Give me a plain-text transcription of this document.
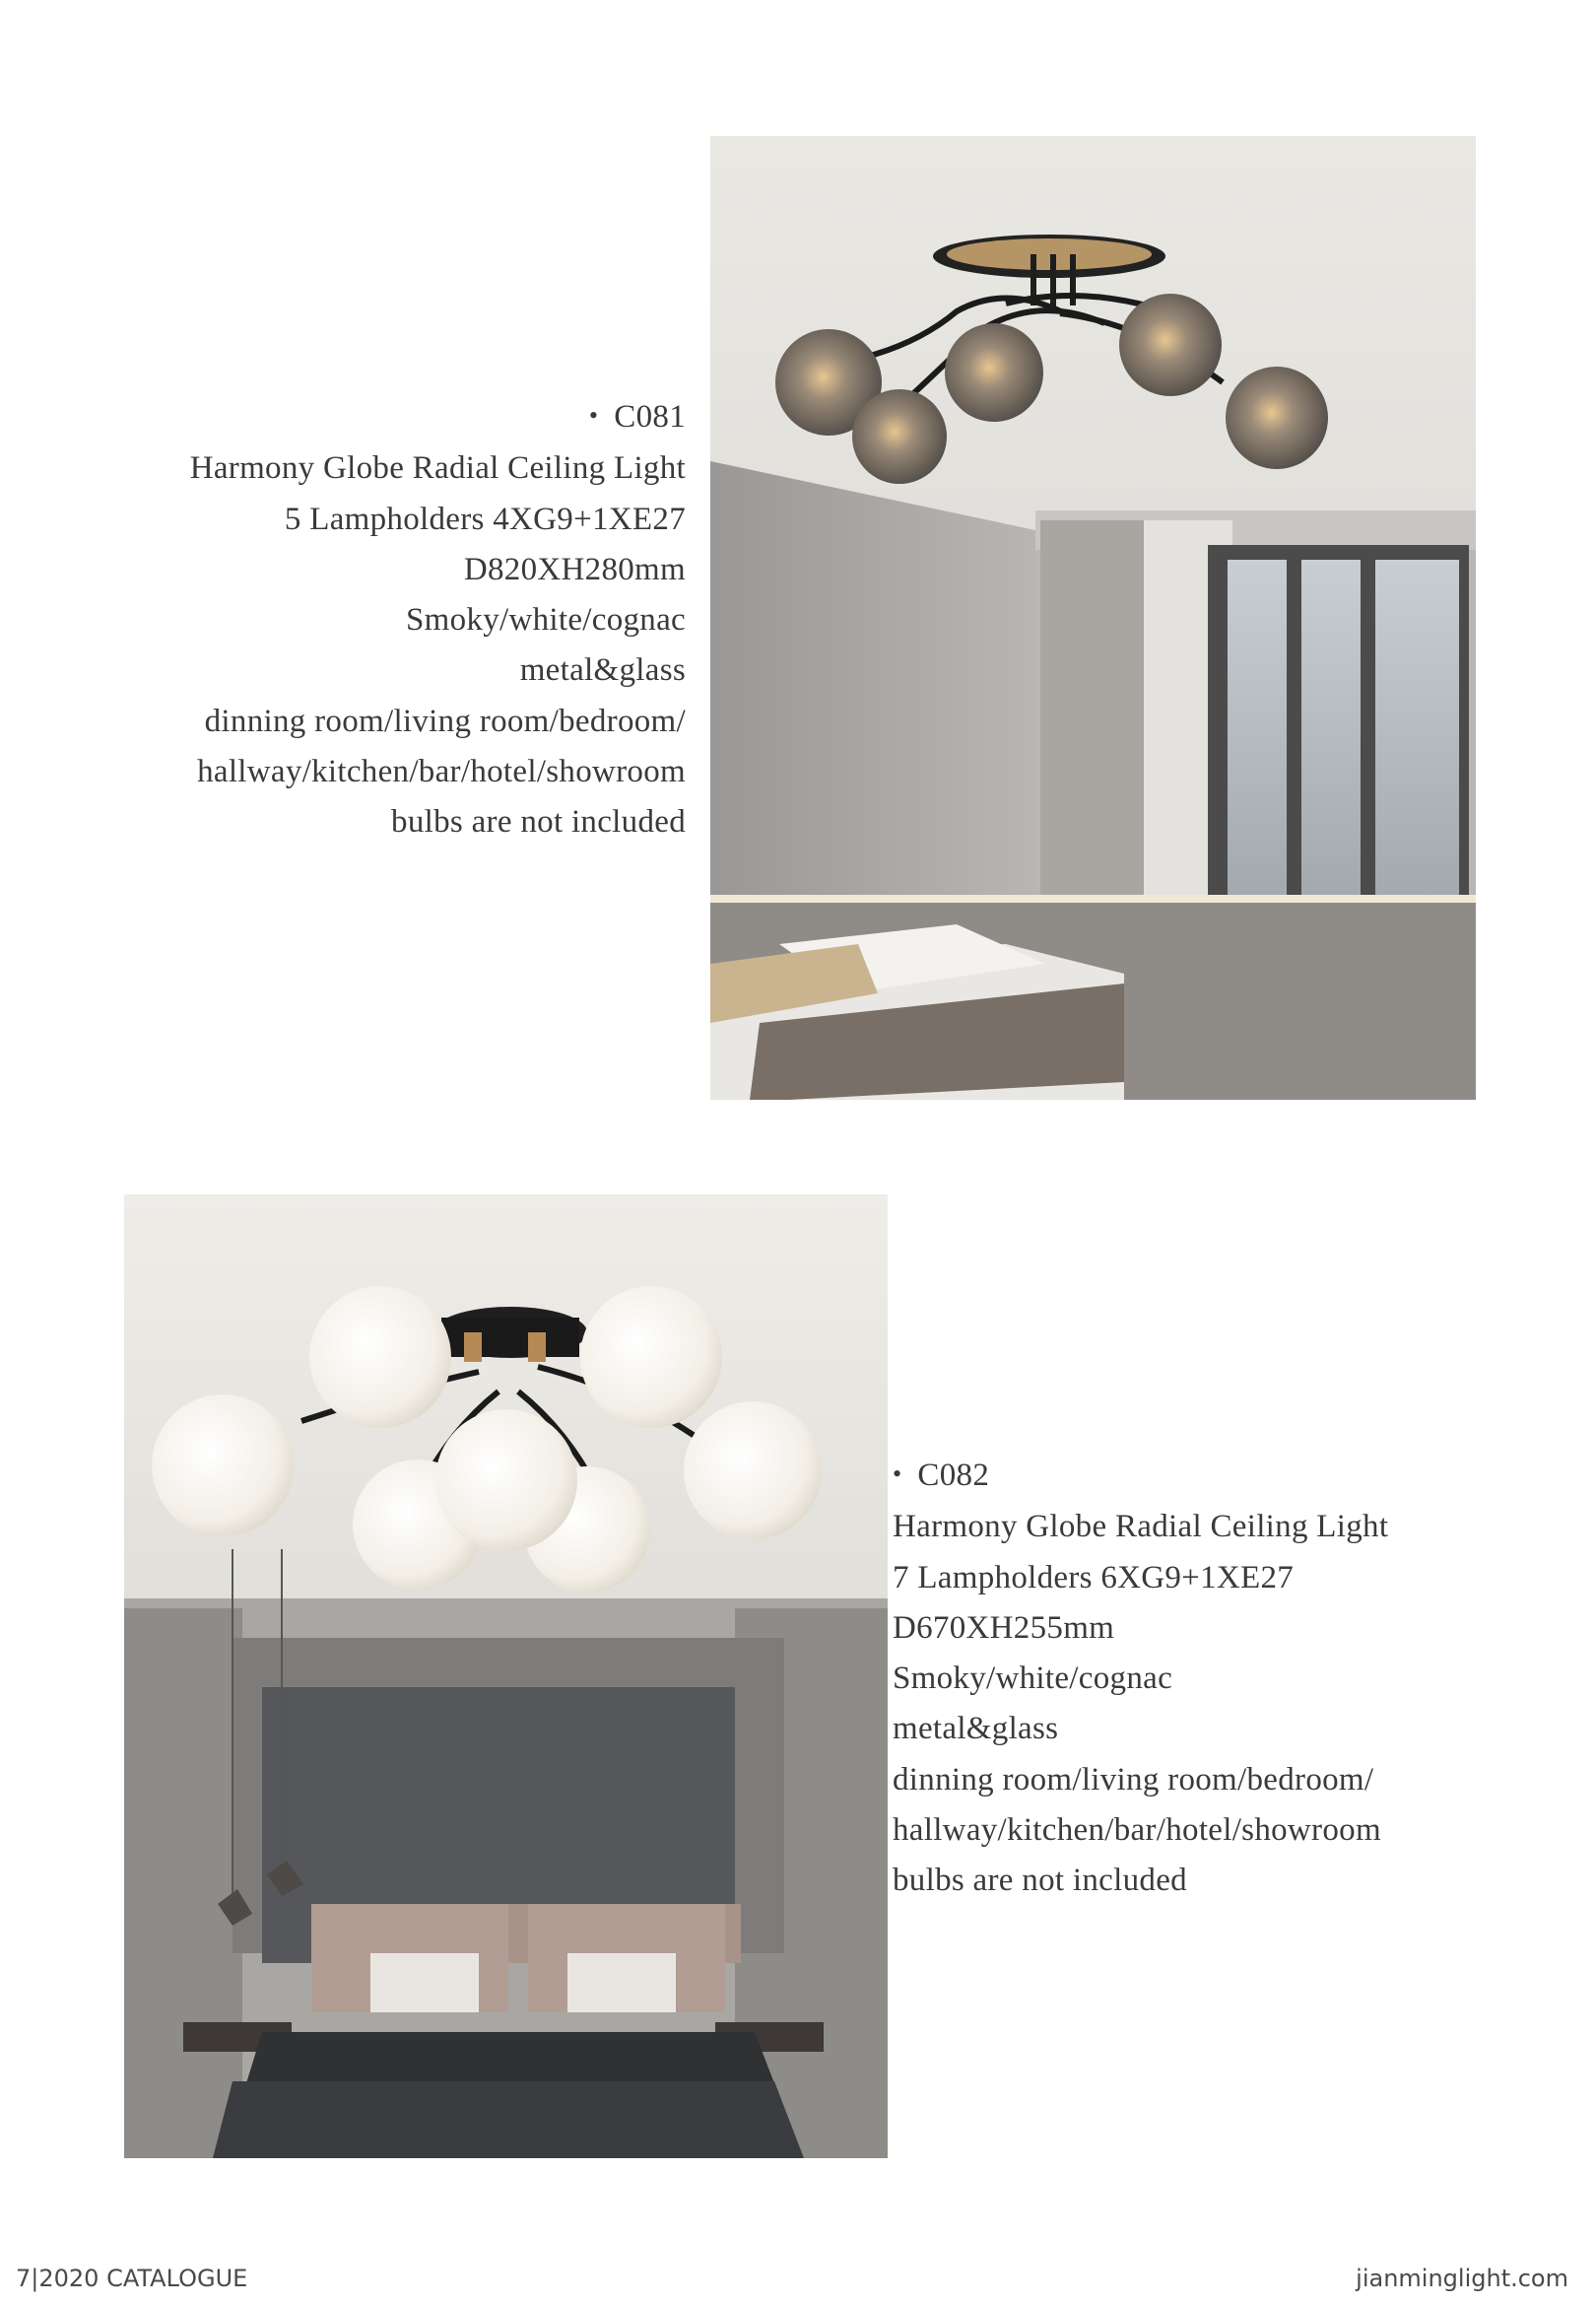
• C081
Harmony Globe Radial Ceiling Light
5 Lampholders 4XG9+1XE27
D820XH280mm
Smoky/white/cognac
metal&glass
dinning room/living room/bedroom/
hallway/kitchen/bar/hotel/showroom
bulbs are not included
• C082
Harmony Globe Radial Ceiling Light
7 Lampholders 6XG9+1XE27
D670XH255mm
Smoky/white/cognac
metal&glass
dinning room/living room/bedroom/
hallway/kitchen/bar/hotel/showroom
bulbs are not included
7|2020 CATALOGUE	jianminglight.com
